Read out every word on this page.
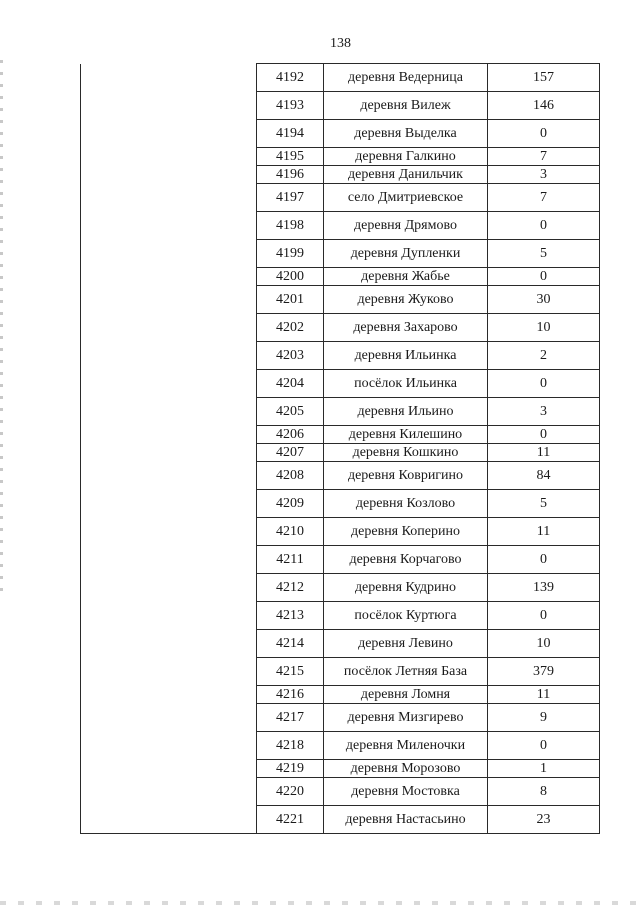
138
	4192	деревня Ведерница	157
	4193	деревня Вилеж	146
	4194	деревня Выделка	0
	4195	деревня Галкино	7
	4196	деревня Данильчик	3
	4197	село Дмитриевское	7
	4198	деревня Дрямово	0
	4199	деревня Дупленки	5
	4200	деревня Жабье	0
	4201	деревня Жуково	30
	4202	деревня Захарово	10
	4203	деревня Ильинка	2
	4204	посёлок Ильинка	0
	4205	деревня Ильино	3
	4206	деревня Килешино	0
	4207	деревня Кошкино	11
	4208	деревня Ковригино	84
	4209	деревня Козлово	5
	4210	деревня Коперино	11
	4211	деревня Корчагово	0
	4212	деревня Кудрино	139
	4213	посёлок Куртюга	0
	4214	деревня Левино	10
	4215	посёлок Летняя База	379
	4216	деревня Ломня	11
	4217	деревня Мизгирево	9
	4218	деревня Миленочки	0
	4219	деревня Морозово	1
	4220	деревня Мостовка	8
	4221	деревня Настасьино	23
